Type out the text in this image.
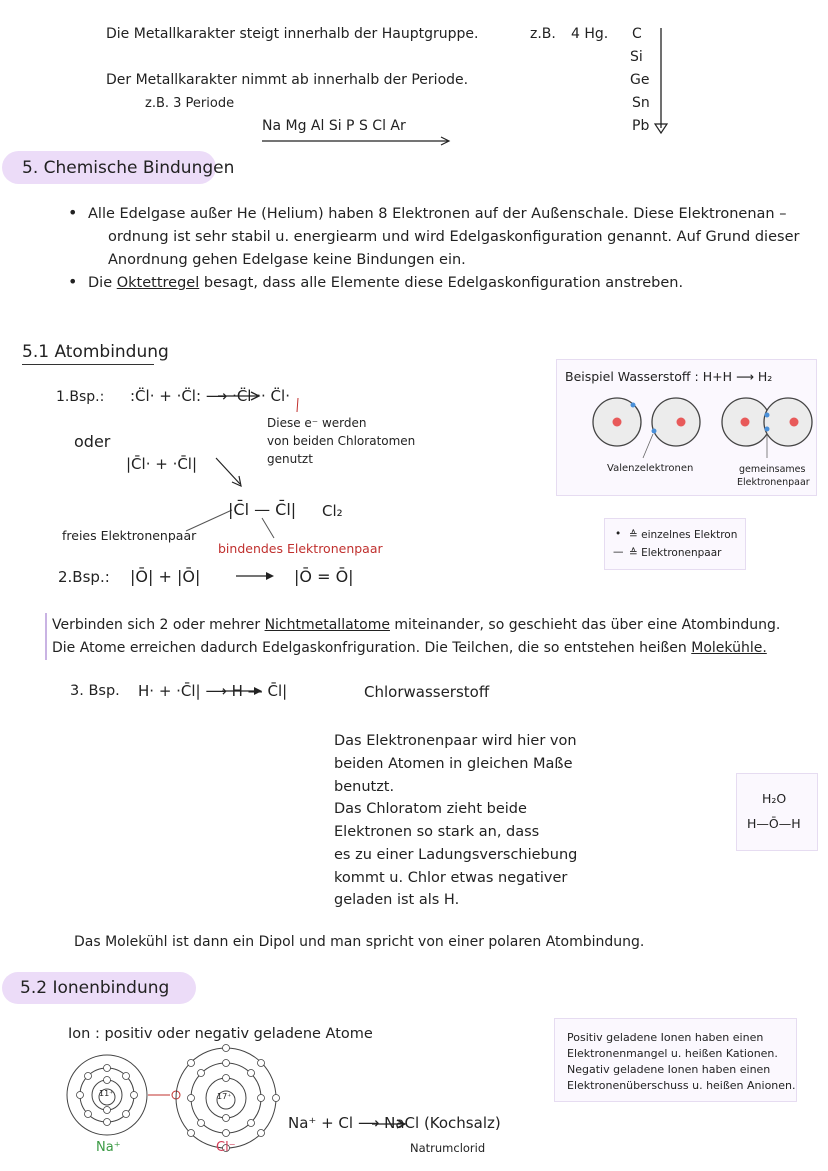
Die Metallkarakter steigt innerhalb der Hauptgruppe.	z.B. 4 Hg. C
Si
Ge
Sn
Pb
Der Metallkarakter nimmt ab innerhalb der Periode.
z.B. 3 Periode
Na Mg Al Si P S Cl Ar
5. Chemische Bindungen
• Alle Edelgase außer He (Helium) haben 8 Elektronen auf der Außenschale. Diese Elektronenan –
ordnung ist sehr stabil u. energiearm und wird Edelgaskonfiguration genannt. Auf Grund dieser
Anordnung gehen Edelgase keine Bindungen ein.
• Die Oktettregel besagt, dass alle Elemente diese Edelgaskonfiguration anstreben.
5.1 Atombindung
1.Bsp.: :C̈l· + ·C̈l: ⟶ ·C̈l ·· C̈l·
Diese e⁻ werden
von beiden Chloratomen
genutzt
oder
|C̄l· + ·C̄l|
|C̄l — C̄l| Cl₂
freies Elektronenpaar
bindendes Elektronenpaar
2.Bsp.: |Ō| + |Ō|	|Ō = Ō|
Beispiel Wasserstoff : H+H ⟶ H₂
Valenzelektronen	gemeinsames
Elektronenpaar
• ≙ einzelnes Elektron
— ≙ Elektronenpaar
Verbinden sich 2 oder mehrer Nichtmetallatome miteinander, so geschieht das über eine Atombindung.
Die Atome erreichen dadurch Edelgaskonfriguration. Die Teilchen, die so entstehen heißen Molekühle.
3. Bsp. H· + ·C̄l| ⟶ H — C̄l|	Chlorwasserstoff
Das Elektronenpaar wird hier von
beiden Atomen in gleichen Maße
benutzt.
Das Chloratom zieht beide
Elektronen so stark an, dass
es zu einer Ladungsverschiebung
kommt u. Chlor etwas negativer
geladen ist als H.
H₂O
H—Ō—H
Das Molekühl ist dann ein Dipol und man spricht von einer polaren Atombindung.
5.2 Ionenbindung
Ion : positiv oder negativ geladene Atome
11⁺	17⁺
Na⁺	Cl⁻
Na⁺ + Cl ⟶ NaCl (Kochsalz)
Natrumclorid
Positiv geladene Ionen haben einen
Elektronenmangel u. heißen Kationen.
Negativ geladene Ionen haben einen
Elektronenüberschuss u. heißen Anionen.
